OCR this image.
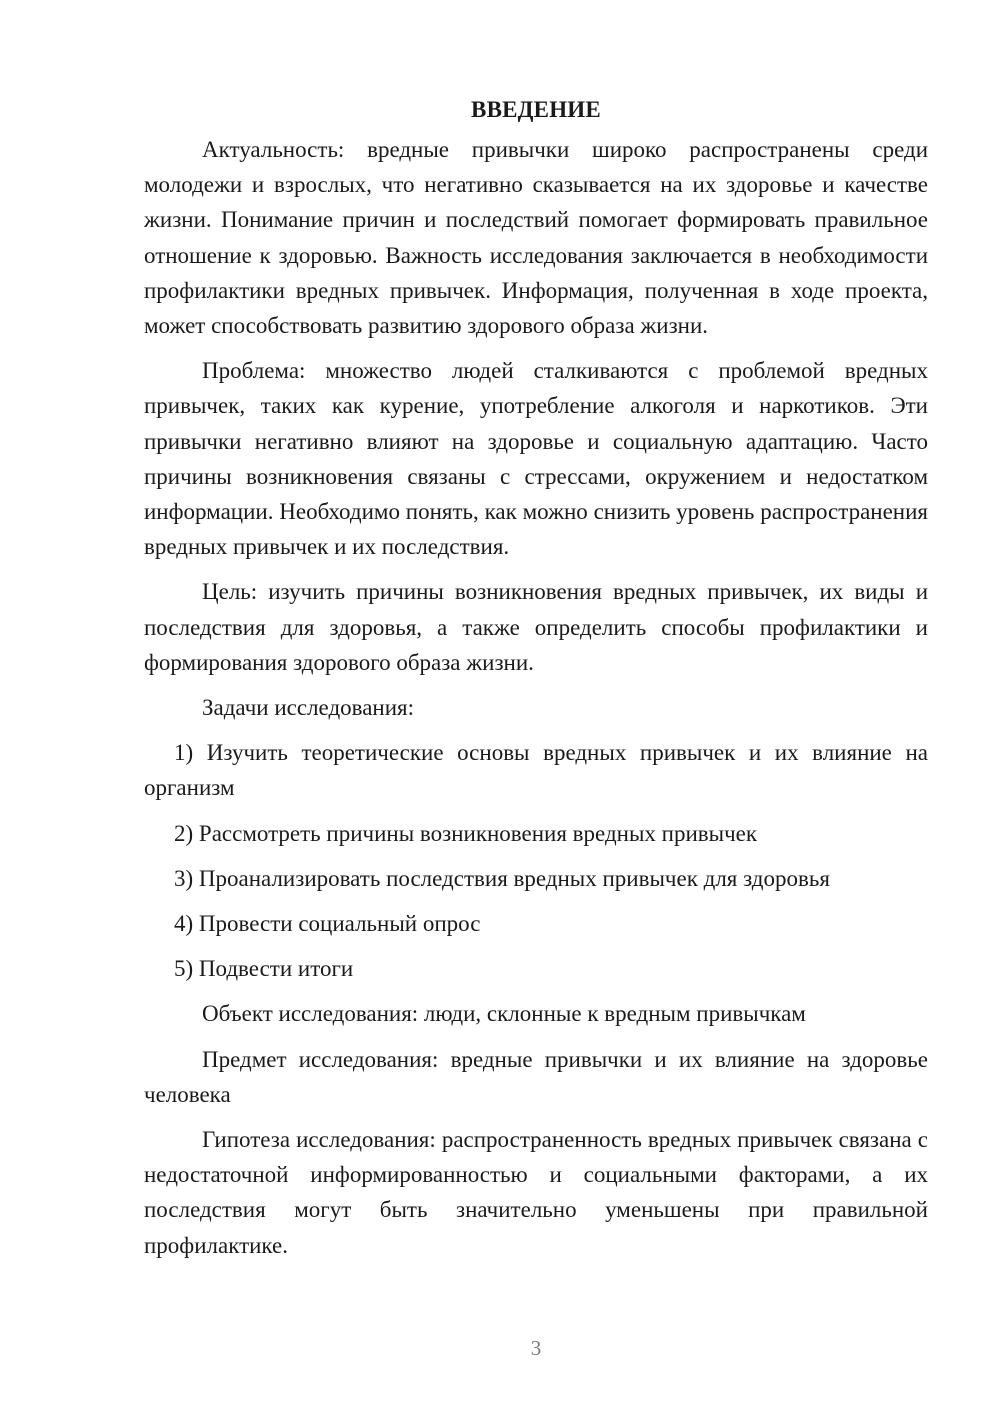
ВВЕДЕНИЕ

Актуальность: вредные привычки широко распространены среди молодежи и взрослых, что негативно сказывается на их здоровье и качестве жизни. Понимание причин и последствий помогает формировать правильное отношение к здоровью. Важность исследования заключается в необходимости профилактики вредных привычек. Информация, полученная в ходе проекта, может способствовать развитию здорового образа жизни.

Проблема: множество людей сталкиваются с проблемой вредных привычек, таких как курение, употребление алкоголя и наркотиков. Эти привычки негативно влияют на здоровье и социальную адаптацию. Часто причины возникновения связаны с стрессами, окружением и недостатком информации. Необходимо понять, как можно снизить уровень распространения вредных привычек и их последствия.

Цель: изучить причины возникновения вредных привычек, их виды и последствия для здоровья, а также определить способы профилактики и формирования здорового образа жизни.

Задачи исследования:

1) Изучить теоретические основы вредных привычек и их влияние на организм

2) Рассмотреть причины возникновения вредных привычек

3) Проанализировать последствия вредных привычек для здоровья

4) Провести социальный опрос

5) Подвести итоги

Объект исследования: люди, склонные к вредным привычкам

Предмет исследования: вредные привычки и их влияние на здоровье человека

Гипотеза исследования: распространенность вредных привычек связана с недостаточной информированностью и социальными факторами, а их последствия могут быть значительно уменьшены при правильной профилактике.

3
